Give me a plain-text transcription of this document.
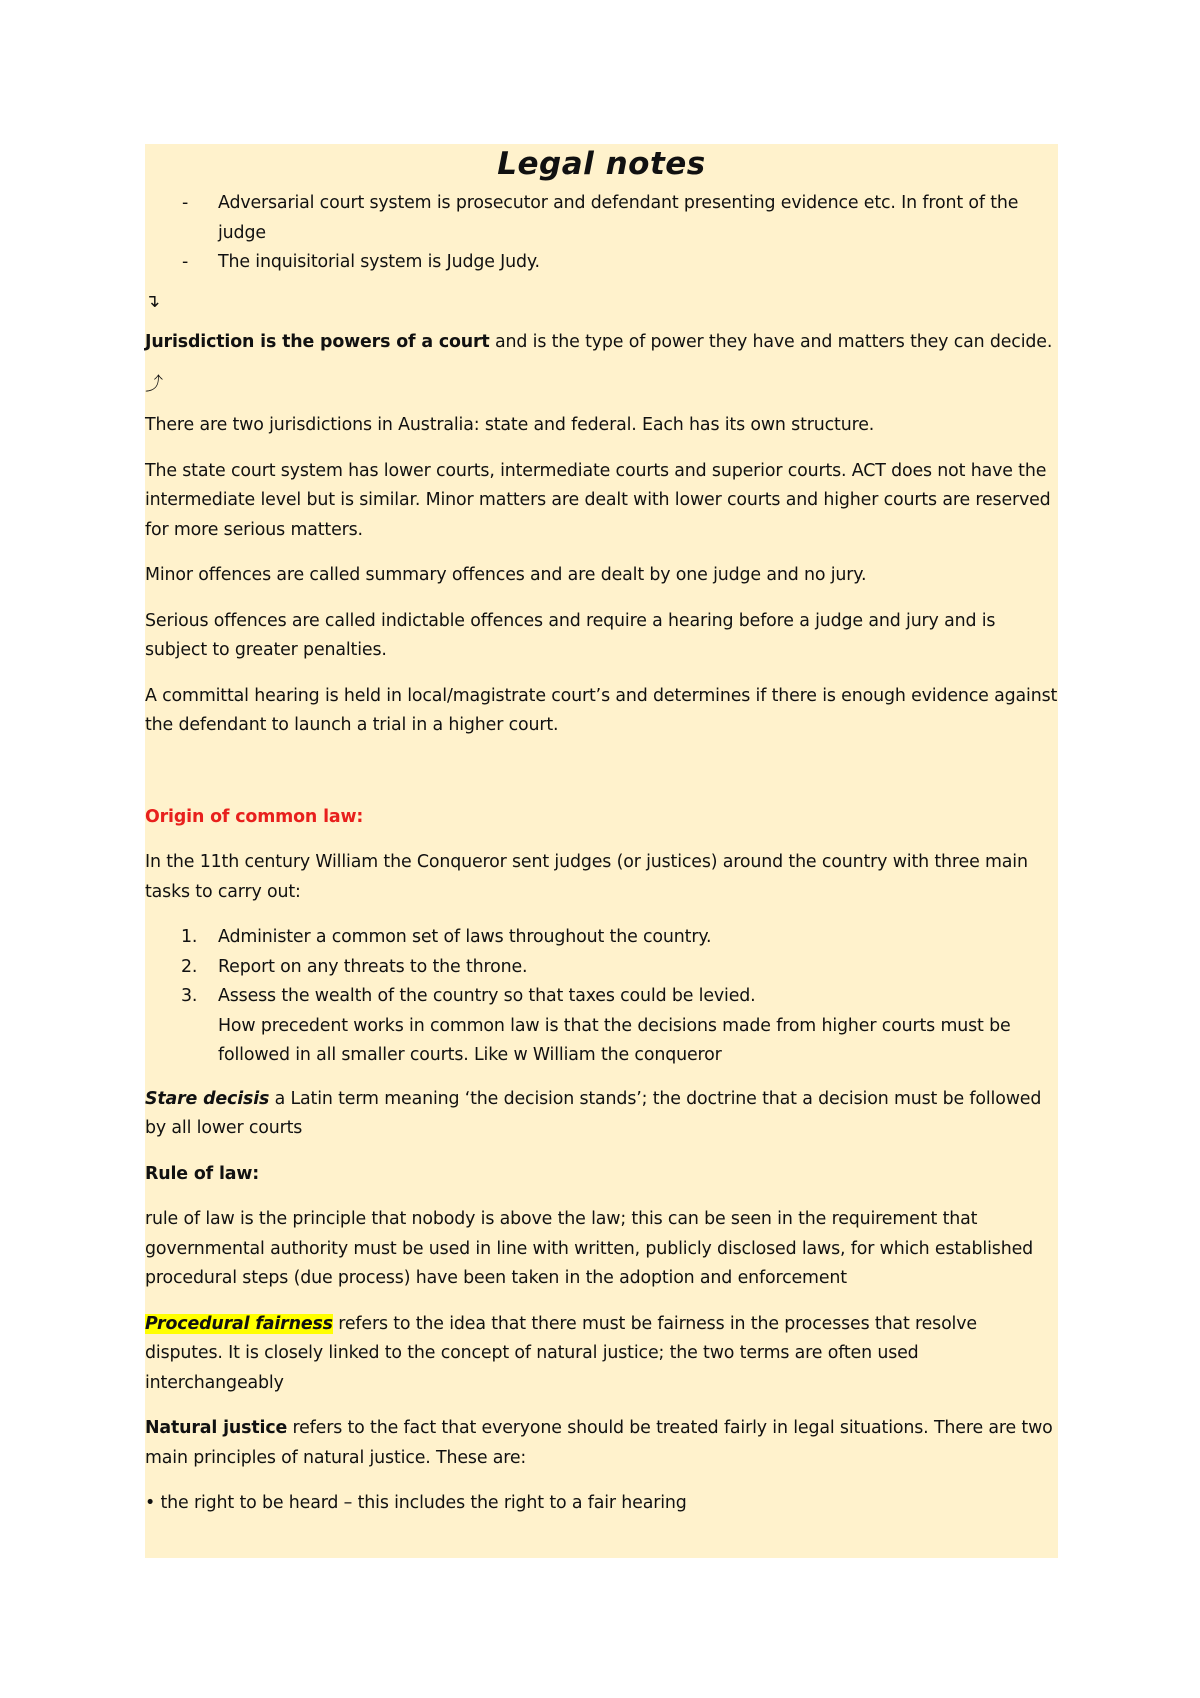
Legal notes

- Adversarial court system is prosecutor and defendant presenting evidence etc. In front of the judge
- The inquisitorial system is Judge Judy.
↴

Jurisdiction is the powers of a court and is the type of power they have and matters they can decide.

⤴

There are two jurisdictions in Australia: state and federal. Each has its own structure.

The state court system has lower courts, intermediate courts and superior courts. ACT does not have the intermediate level but is similar. Minor matters are dealt with lower courts and higher courts are reserved for more serious matters.

Minor offences are called summary offences and are dealt by one judge and no jury.

Serious offences are called indictable offences and require a hearing before a judge and jury and is subject to greater penalties.

A committal hearing is held in local/magistrate court’s and determines if there is enough evidence against the defendant to launch a trial in a higher court.

Origin of common law:

In the 11th century William the Conqueror sent judges (or justices) around the country with three main tasks to carry out:

1. Administer a common set of laws throughout the country.
2. Report on any threats to the throne.
3. Assess the wealth of the country so that taxes could be levied.
How precedent works in common law is that the decisions made from higher courts must be followed in all smaller courts. Like w William the conqueror

Stare decisis a Latin term meaning ‘the decision stands’; the doctrine that a decision must be followed by all lower courts

Rule of law:

rule of law is the principle that nobody is above the law; this can be seen in the requirement that governmental authority must be used in line with written, publicly disclosed laws, for which established procedural steps (due process) have been taken in the adoption and enforcement

Procedural fairness refers to the idea that there must be fairness in the processes that resolve disputes. It is closely linked to the concept of natural justice; the two terms are often used interchangeably

Natural justice refers to the fact that everyone should be treated fairly in legal situations. There are two main principles of natural justice. These are:

• the right to be heard – this includes the right to a fair hearing
